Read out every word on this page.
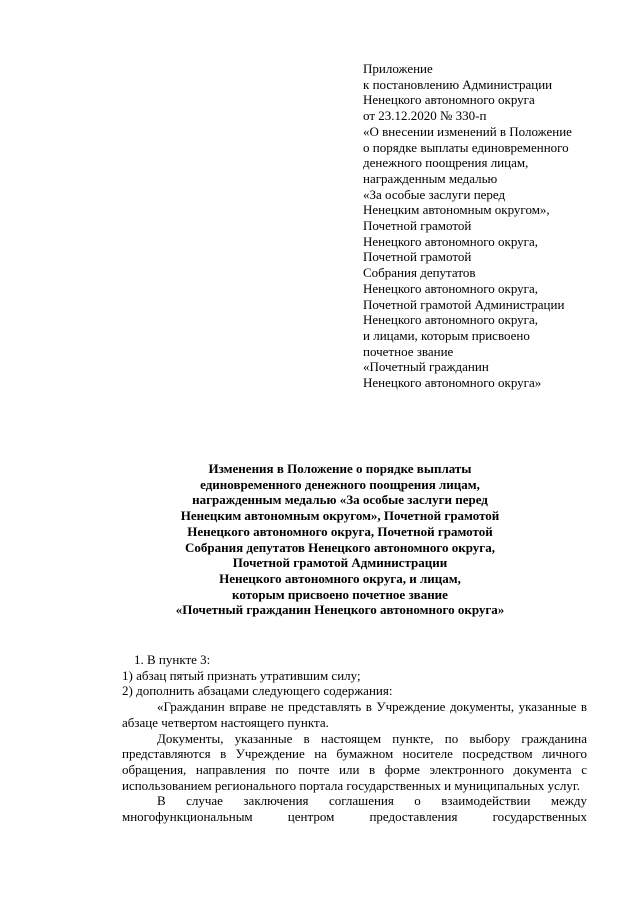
Приложение
к постановлению Администрации
Ненецкого автономного округа
от 23.12.2020 № 330-п
«О внесении изменений в Положение
о порядке выплаты единовременного
денежного поощрения лицам,
награжденным медалью
«За особые заслуги перед
Ненецким автономным округом»,
Почетной грамотой
Ненецкого автономного округа,
Почетной грамотой
Собрания депутатов
Ненецкого автономного округа,
Почетной грамотой Администрации
Ненецкого автономного округа,
и лицами, которым присвоено
почетное звание
«Почетный гражданин
Ненецкого автономного округа»
Изменения в Положение о порядке выплаты
единовременного денежного поощрения лицам,
награжденным медалью «За особые заслуги перед
Ненецким автономным округом», Почетной грамотой
Ненецкого автономного округа, Почетной грамотой
Собрания депутатов Ненецкого автономного округа,
Почетной грамотой Администрации
Ненецкого автономного округа, и лицам,
которым присвоено почетное звание
«Почетный гражданин Ненецкого автономного округа»
1. В пункте 3:
1) абзац пятый признать утратившим силу;
2) дополнить абзацами следующего содержания:
«Гражданин вправе не представлять в Учреждение документы, указанные в абзаце четвертом настоящего пункта.
Документы, указанные в настоящем пункте, по выбору гражданина представляются в Учреждение на бумажном носителе посредством личного обращения, направления по почте или в форме электронного документа с использованием регионального портала государственных и муниципальных услуг.
В случае заключения соглашения о взаимодействии между многофункциональным центром предоставления государственных
